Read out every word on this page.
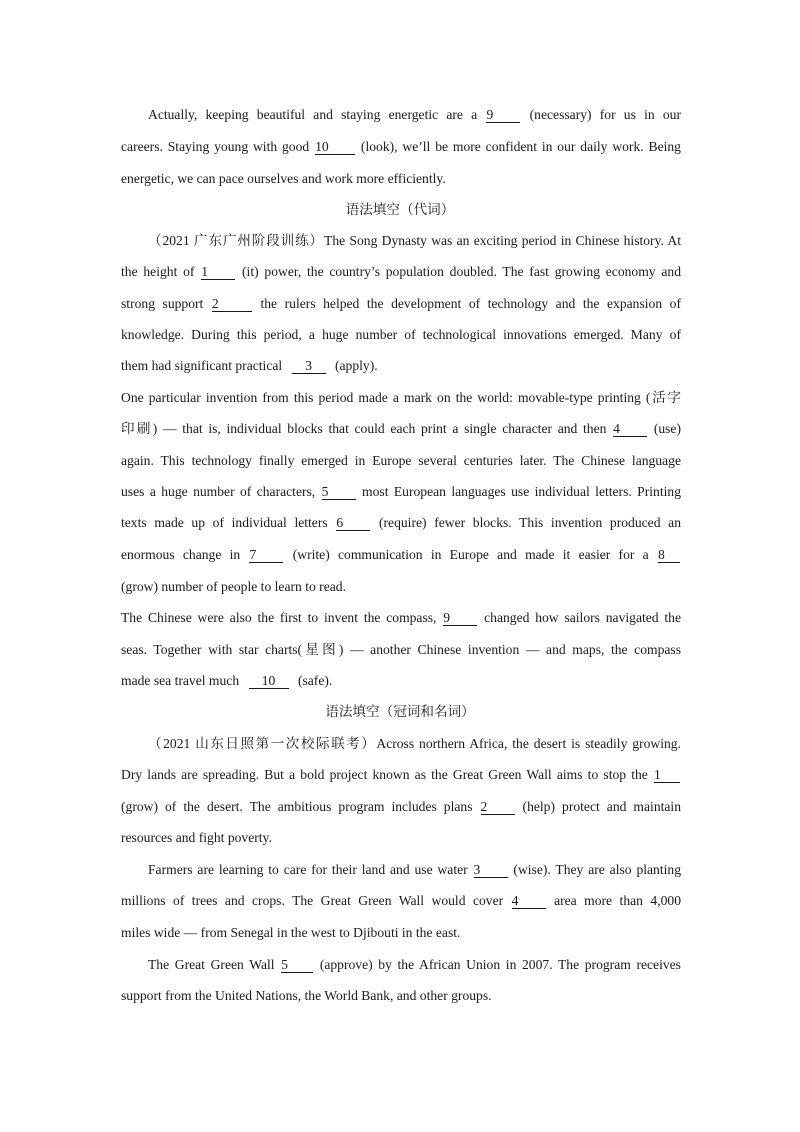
Actually, keeping beautiful and staying energetic are a 9	(necessary) for us in our
careers. Staying young with good 10 (look), we’ll be more confident in our daily work. Being
energetic, we can pace ourselves and work more efficiently.
语法填空（代词）
（2021 广东广州阶段训练）The Song Dynasty was an exciting period in Chinese history. At
the height of 1 (it) power, the country’s population doubled. The fast growing economy and
strong support 2	the rulers helped the development of technology and the expansion of
knowledge. During this period, a huge number of technological innovations emerged. Many of
them had significant practical 3 (apply).
One particular invention from this period made a mark on the world: movable-type printing (活字
印刷) — that is, individual blocks that could each print a single character and then 4 (use)
again. This technology finally emerged in Europe several centuries later. The Chinese language
uses a huge number of characters, 5 most European languages use individual letters. Printing
texts made up of individual letters 6	(require) fewer blocks. This invention produced an
enormous change in 7	(write) communication in Europe and made it easier for a 8
(grow) number of people to learn to read.
The Chinese were also the first to invent the compass, 9	changed how sailors navigated the
seas. Together with star charts(星图) — another Chinese invention — and maps, the compass
made sea travel much 10 (safe).
语法填空（冠词和名词）
（2021 山东日照第一次校际联考）Across northern Africa, the desert is steadily growing.
Dry lands are spreading. But a bold project known as the Great Green Wall aims to stop the 1
(grow) of the desert. The ambitious program includes plans 2	(help) protect and maintain
resources and fight poverty.
Farmers are learning to care for their land and use water 3 (wise). They are also planting
millions of trees and crops. The Great Green Wall would cover 4	area more than 4,000
miles wide — from Senegal in the west to Djibouti in the east.
The Great Green Wall 5 (approve) by the African Union in 2007. The program receives
support from the United Nations, the World Bank, and other groups.
